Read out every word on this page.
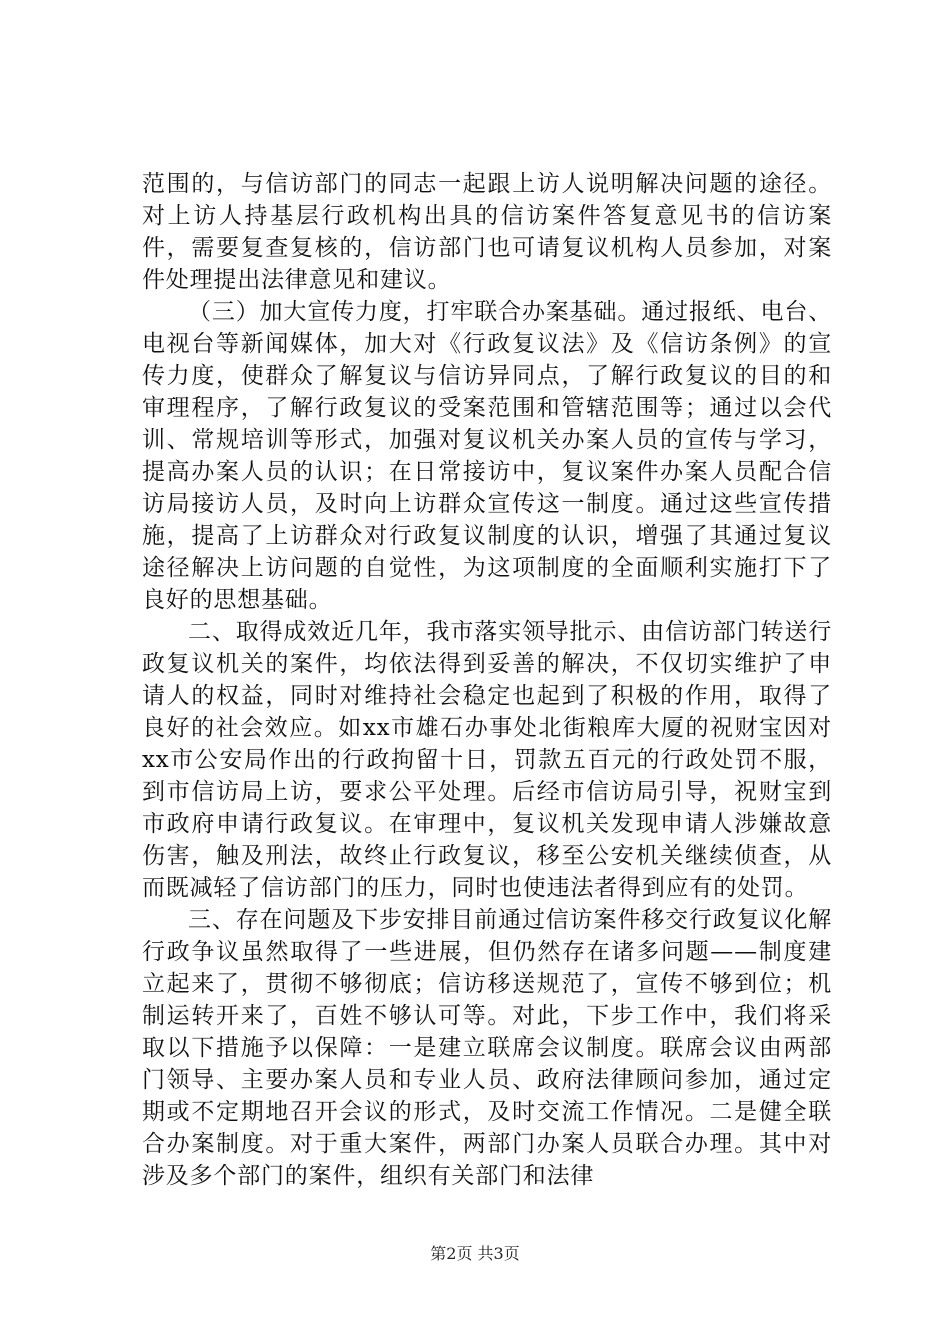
范围的，与信访部门的同志一起跟上访人说明解决问题的途径。对上访人持基层行政机构出具的信访案件答复意见书的信访案件，需要复查复核的，信访部门也可请复议机构人员参加，对案件处理提出法律意见和建议。

（三）加大宣传力度，打牢联合办案基础。通过报纸、电台、电视台等新闻媒体，加大对《行政复议法》及《信访条例》的宣传力度，使群众了解复议与信访异同点，了解行政复议的目的和审理程序，了解行政复议的受案范围和管辖范围等；通过以会代训、常规培训等形式，加强对复议机关办案人员的宣传与学习，提高办案人员的认识；在日常接访中，复议案件办案人员配合信访局接访人员，及时向上访群众宣传这一制度。通过这些宣传措施，提高了上访群众对行政复议制度的认识，增强了其通过复议途径解决上访问题的自觉性，为这项制度的全面顺利实施打下了良好的思想基础。

二、取得成效近几年，我市落实领导批示、由信访部门转送行政复议机关的案件，均依法得到妥善的解决，不仅切实维护了申请人的权益，同时对维持社会稳定也起到了积极的作用，取得了良好的社会效应。如xx市雄石办事处北街粮库大厦的祝财宝因对xx市公安局作出的行政拘留十日，罚款五百元的行政处罚不服，到市信访局上访，要求公平处理。后经市信访局引导，祝财宝到市政府申请行政复议。在审理中，复议机关发现申请人涉嫌故意伤害，触及刑法，故终止行政复议，移至公安机关继续侦查，从而既减轻了信访部门的压力，同时也使违法者得到应有的处罚。

三、存在问题及下步安排目前通过信访案件移交行政复议化解行政争议虽然取得了一些进展，但仍然存在诸多问题——制度建立起来了，贯彻不够彻底；信访移送规范了，宣传不够到位；机制运转开来了，百姓不够认可等。对此，下步工作中，我们将采取以下措施予以保障：一是建立联席会议制度。联席会议由两部门领导、主要办案人员和专业人员、政府法律顾问参加，通过定期或不定期地召开会议的形式，及时交流工作情况。二是健全联合办案制度。对于重大案件，两部门办案人员联合办理。其中对涉及多个部门的案件，组织有关部门和法律

第2页 共3页
